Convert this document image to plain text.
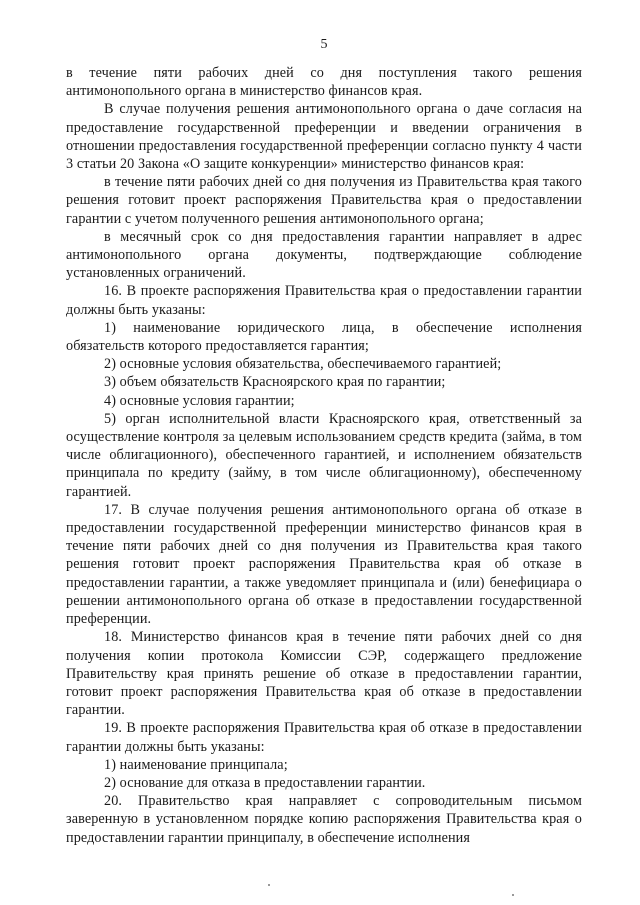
5

в течение пяти рабочих дней со дня поступления такого решения антимонопольного органа в министерство финансов края.

В случае получения решения антимонопольного органа о даче согласия на предоставление государственной преференции и введении ограничения в отношении предоставления государственной преференции согласно пункту 4 части 3 статьи 20 Закона «О защите конкуренции» министерство финансов края:

в течение пяти рабочих дней со дня получения из Правительства края такого решения готовит проект распоряжения Правительства края о предоставлении гарантии с учетом полученного решения антимонопольного органа;

в месячный срок со дня предоставления гарантии направляет в адрес антимонопольного органа документы, подтверждающие соблюдение установленных ограничений.

16. В проекте распоряжения Правительства края о предоставлении гарантии должны быть указаны:

1) наименование юридического лица, в обеспечение исполнения обязательств которого предоставляется гарантия;

2) основные условия обязательства, обеспечиваемого гарантией;

3) объем обязательств Красноярского края по гарантии;

4) основные условия гарантии;

5) орган исполнительной власти Красноярского края, ответственный за осуществление контроля за целевым использованием средств кредита (займа, в том числе облигационного), обеспеченного гарантией, и исполнением обязательств принципала по кредиту (займу, в том числе облигационному), обеспеченному гарантией.

17. В случае получения решения антимонопольного органа об отказе в предоставлении государственной преференции министерство финансов края в течение пяти рабочих дней со дня получения из Правительства края такого решения готовит проект распоряжения Правительства края об отказе в предоставлении гарантии, а также уведомляет принципала и (или) бенефициара о решении антимонопольного органа об отказе в предоставлении государственной преференции.

18. Министерство финансов края в течение пяти рабочих дней со дня получения копии протокола Комиссии СЭР, содержащего предложение Правительству края принять решение об отказе в предоставлении гарантии, готовит проект распоряжения Правительства края об отказе в предоставлении гарантии.

19. В проекте распоряжения Правительства края об отказе в предоставлении гарантии должны быть указаны:

1) наименование принципала;

2) основание для отказа в предоставлении гарантии.

20. Правительство края направляет с сопроводительным письмом заверенную в установленном порядке копию распоряжения Правительства края о предоставлении гарантии принципалу, в обеспечение исполнения
